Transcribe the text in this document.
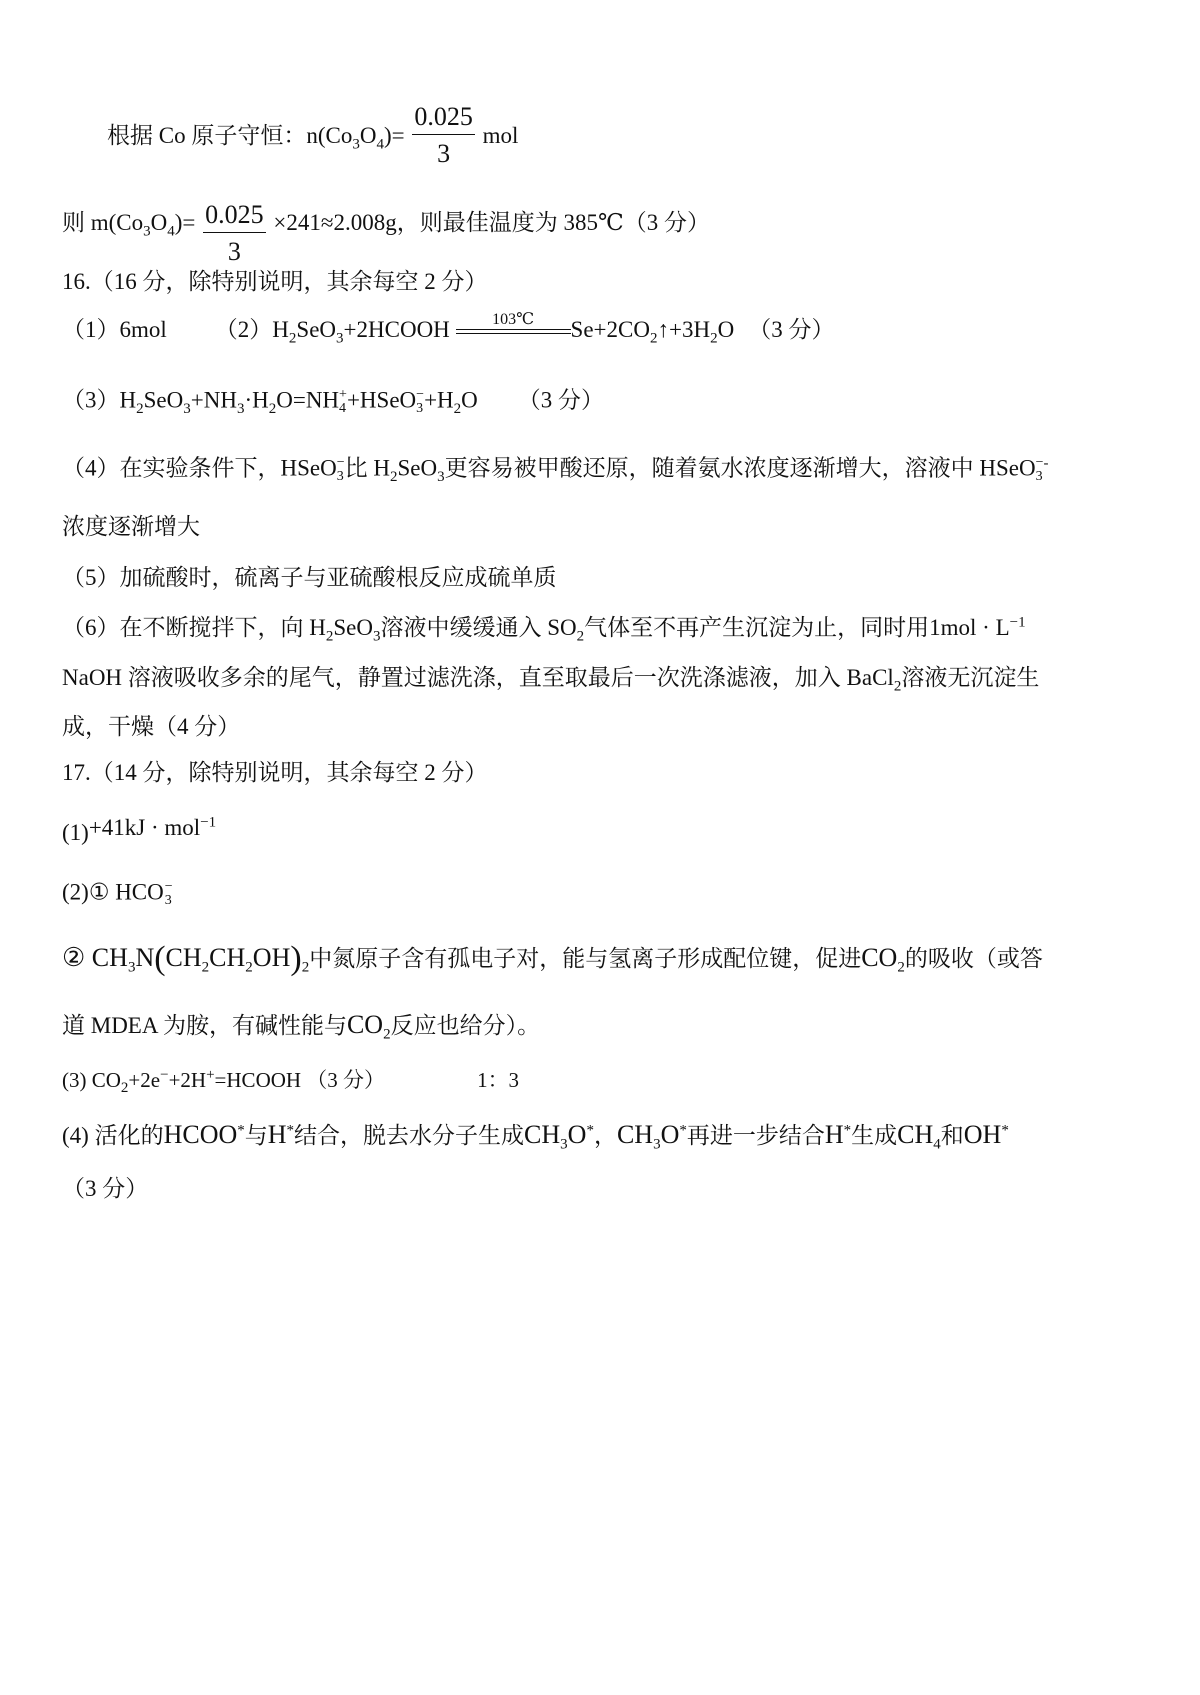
根据 Co 原子守恒：$n(Co_3O_4)= \frac{0.025}{3}$ mol
则 $m(Co_3O_4)= \frac{0.025}{3} \times 241\approx 2.008g$，则最佳温度为 385℃（3 分）
16.（16 分，除特别说明，其余每空 2 分）
（1）6mol $(2)H_2SeO_3+2HCOOH$	103℃	$Se+2CO_2↑+3H_2O$ （3 分）
$(3)H_2SeO_3+NH_3\cdot H_2O=NH$ +
4 +HSeO −
$3 +H_2O$ （3 分）
（4）在实验条件下，HSeO −
3 比 $H_2SeO_3$更容易被甲酸还原，随着氨水浓度逐渐增大，溶液中 HSeO −
3
-
浓度逐渐增大
（5）加硫酸时，硫离子与亚硫酸根反应成硫单质
（6）在不断搅拌下，向 $H_2SeO_3$溶液中缓缓通入 $SO_2$气体至不再产生沉淀为止，同时用$1mol \cdot L^{-1}$
NaOH 溶液吸收多余的尾气，静置过滤洗涤，直至取最后一次洗涤滤液，加入 BaCl$_2$溶液无沉淀生
成，干燥（4 分）
17.（14 分，除特别说明，其余每空 2 分）
(1)+41kJ · mol$^{-1}$
(2)① HCO −
3
② $CH_3N(CH_2CH_2OH)_2$中氮原子含有孤电子对，能与氢离子形成配位键，促进$CO_2$的吸收（或答
道 MDEA 为胺，有碱性能与$CO_2$反应也给分）。
(3) $CO_2+2e^-+2H^+=HCOOH$ （3 分）	1：3
(4) 活化的HCOO*与H*结合，脱去水分子生成$CH_3O^*$，$CH_3O^*$再进一步结合H*生成$CH_4$和OH*
（3 分）
